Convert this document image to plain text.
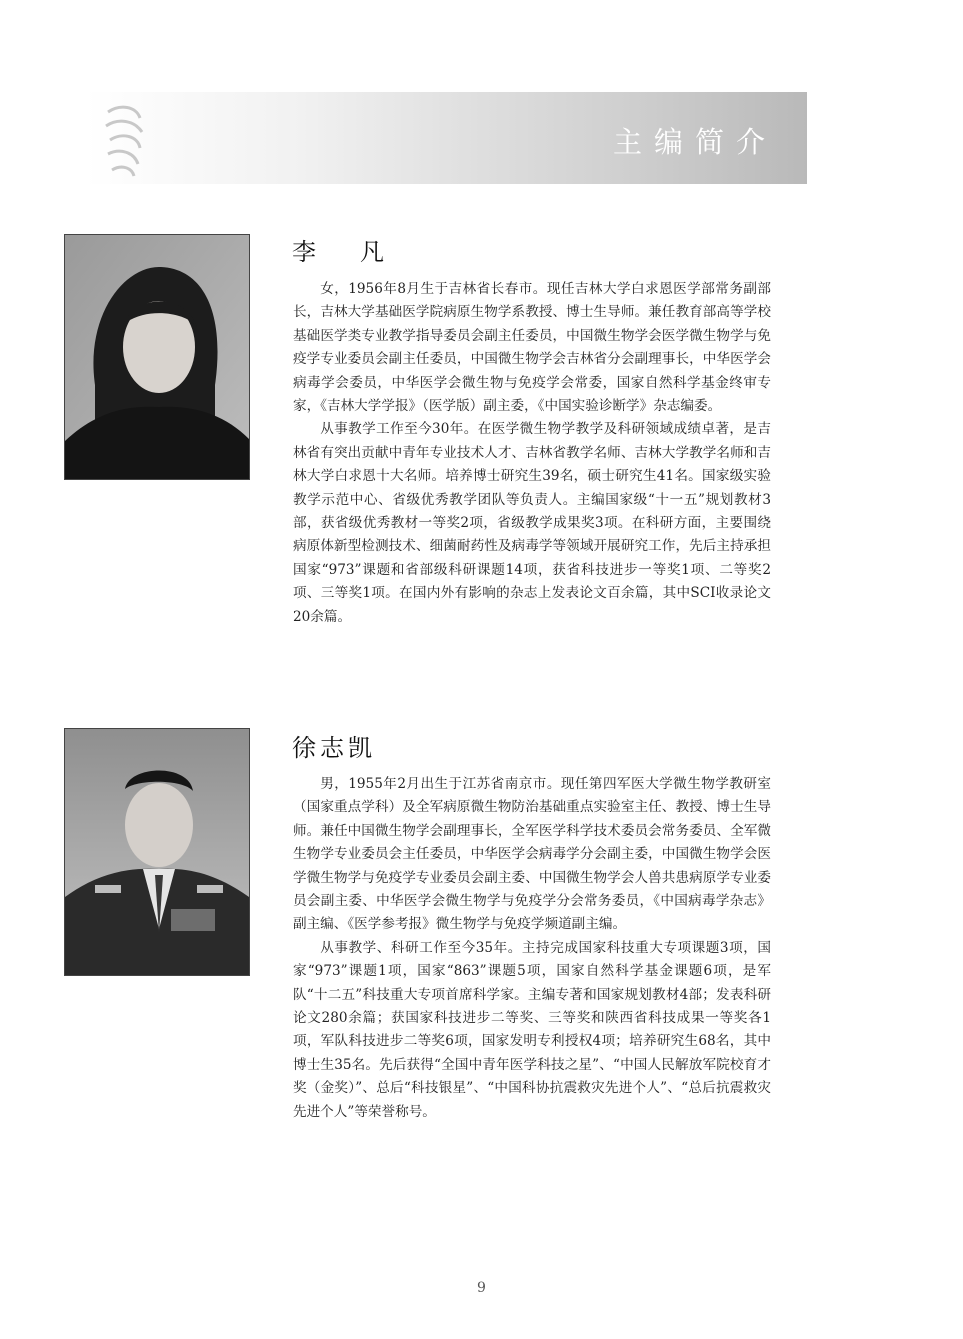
主编简介
李　凡

女，1956年8月生于吉林省长春市。现任吉林大学白求恩医学部常务副部长，吉林大学基础医学院病原生物学系教授、博士生导师。兼任教育部高等学校基础医学类专业教学指导委员会副主任委员，中国微生物学会医学微生物学与免疫学专业委员会副主任委员，中国微生物学会吉林省分会副理事长，中华医学会病毒学会委员，中华医学会微生物与免疫学会常委，国家自然科学基金终审专家，《吉林大学学报》（医学版）副主委，《中国实验诊断学》杂志编委。

从事教学工作至今30年。在医学微生物学教学及科研领域成绩卓著，是吉林省有突出贡献中青年专业技术人才、吉林省教学名师、吉林大学教学名师和吉林大学白求恩十大名师。培养博士研究生39名，硕士研究生41名。国家级实验教学示范中心、省级优秀教学团队等负责人。主编国家级“十一五”规划教材3部，获省级优秀教材一等奖2项，省级教学成果奖3项。在科研方面，主要围绕病原体新型检测技术、细菌耐药性及病毒学等领域开展研究工作，先后主持承担国家“973”课题和省部级科研课题14项，获省科技进步一等奖1项、二等奖2项、三等奖1项。在国内外有影响的杂志上发表论文百余篇，其中SCI收录论文20余篇。

徐志凯

男，1955年2月出生于江苏省南京市。现任第四军医大学微生物学教研室（国家重点学科）及全军病原微生物防治基础重点实验室主任、教授、博士生导师。兼任中国微生物学会副理事长，全军医学科学技术委员会常务委员、全军微生物学专业委员会主任委员，中华医学会病毒学分会副主委，中国微生物学会医学微生物学与免疫学专业委员会副主委、中国微生物学会人兽共患病原学专业委员会副主委、中华医学会微生物学与免疫学分会常务委员，《中国病毒学杂志》副主编、《医学参考报》微生物学与免疫学频道副主编。

从事教学、科研工作至今35年。主持完成国家科技重大专项课题3项，国家“973”课题1项，国家“863”课题5项，国家自然科学基金课题6项，是军队“十二五”科技重大专项首席科学家。主编专著和国家规划教材4部；发表科研论文280余篇；获国家科技进步二等奖、三等奖和陕西省科技成果一等奖各1项，军队科技进步二等奖6项，国家发明专利授权4项；培养研究生68名，其中博士生35名。先后获得“全国中青年医学科技之星”、“中国人民解放军院校育才奖（金奖）”、总后“科技银星”、“中国科协抗震救灾先进个人”、“总后抗震救灾先进个人”等荣誉称号。

9
